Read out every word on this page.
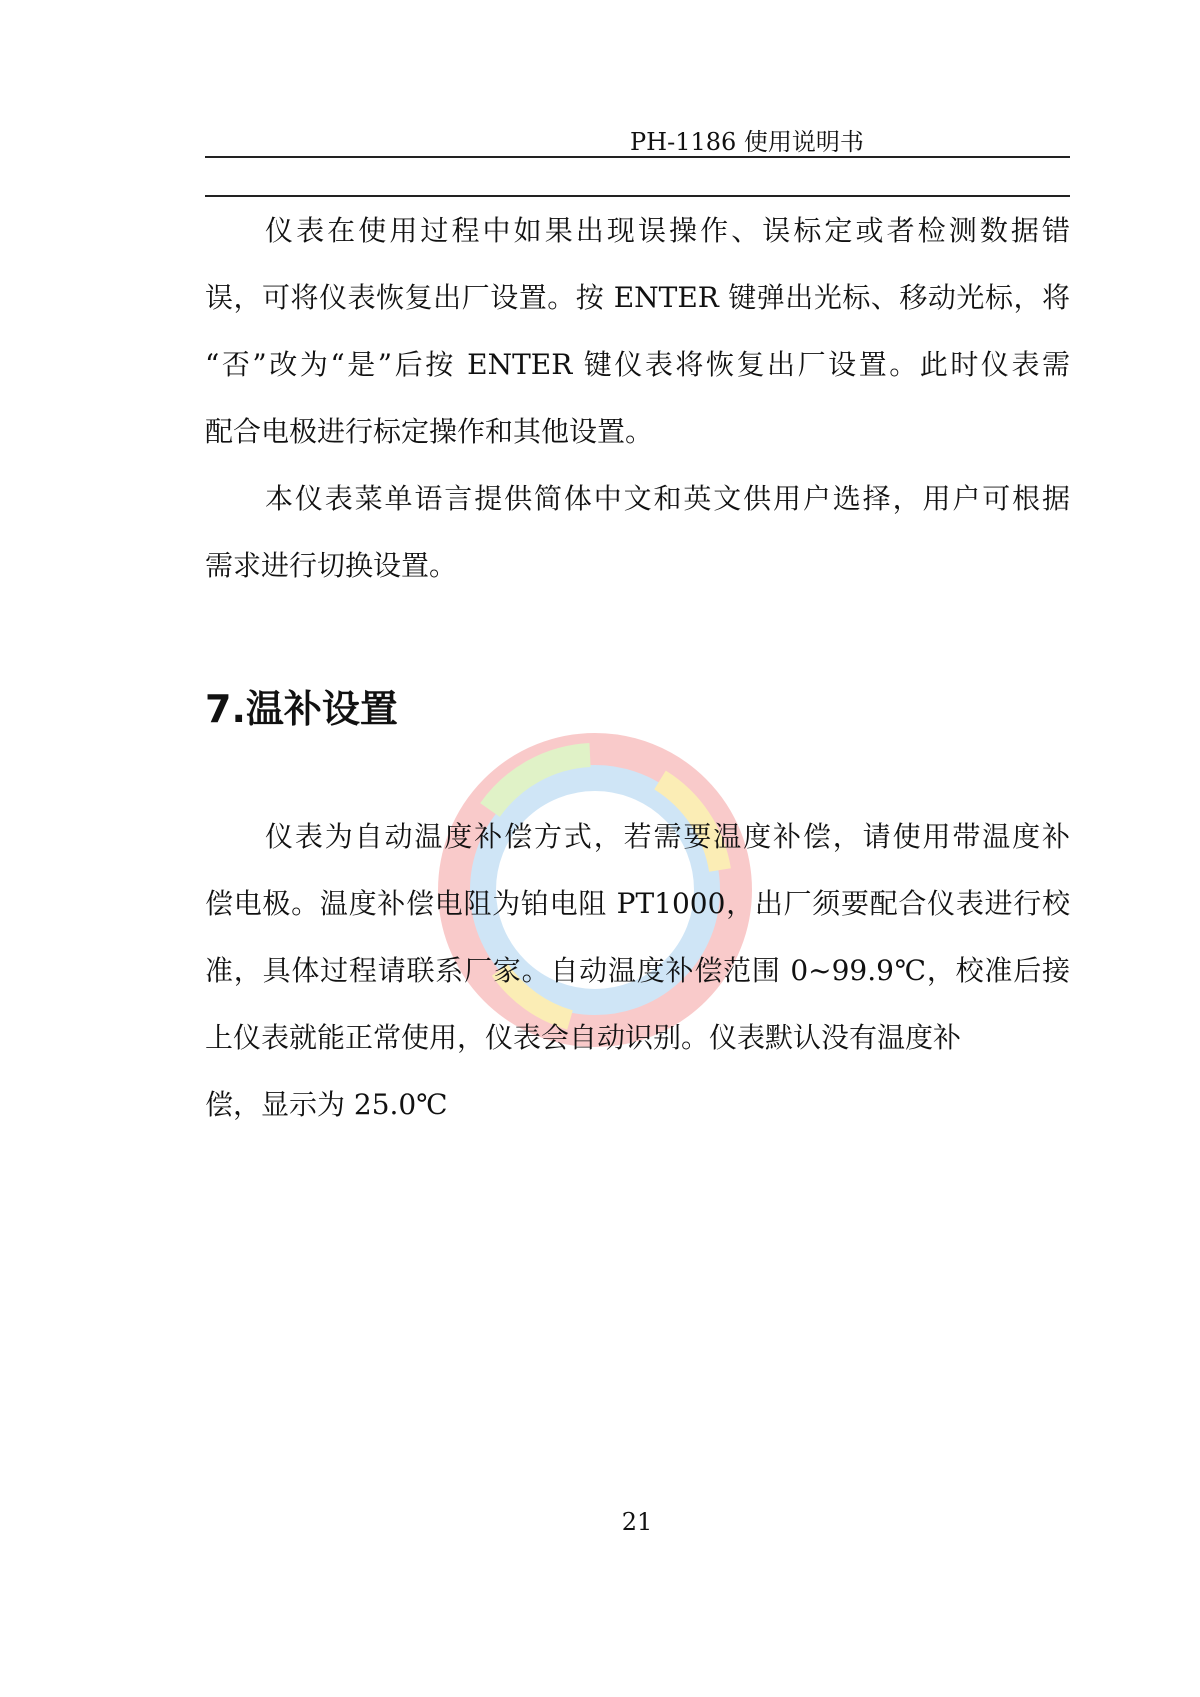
PH-1186 使用说明书
仪表在使用过程中如果出现误操作、误标定或者检测数据错
误，可将仪表恢复出厂设置。按 ENTER 键弹出光标、移动光标，将
“否”改为“是”后按 ENTER 键仪表将恢复出厂设置。此时仪表需
配合电极进行标定操作和其他设置。
本仪表菜单语言提供简体中文和英文供用户选择，用户可根据
需求进行切换设置。
7.温补设置
仪表为自动温度补偿方式，若需要温度补偿，请使用带温度补
偿电极。温度补偿电阻为铂电阻 PT1000，出厂须要配合仪表进行校
准，具体过程请联系厂家。自动温度补偿范围 0~99.9℃，校准后接
上仪表就能正常使用，仪表会自动识别。仪表默认没有温度补
偿，显示为 25.0℃
21
